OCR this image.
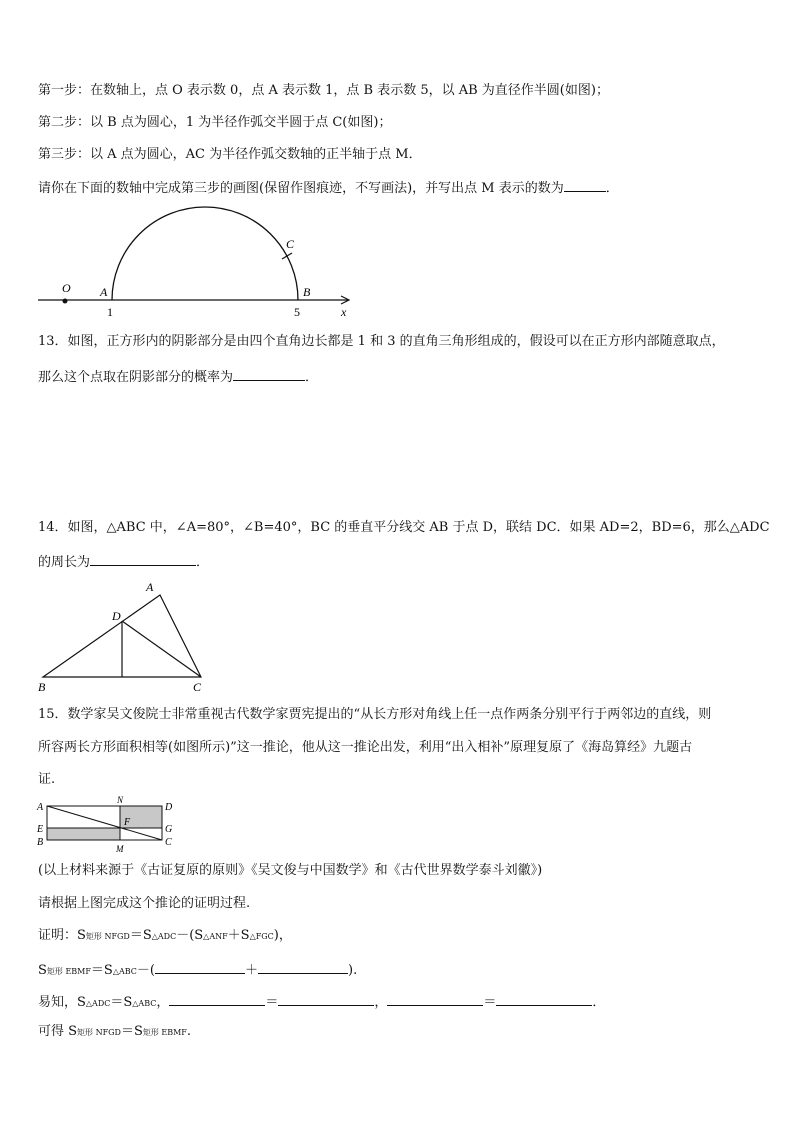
第一步：在数轴上，点 O 表示数 0，点 A 表示数 1，点 B 表示数 5，以 AB 为直径作半圆(如图)；
第二步：以 B 点为圆心，1 为半径作弧交半圆于点 C(如图)；
第三步：以 A 点为圆心，AC 为半径作弧交数轴的正半轴于点 M．
请你在下面的数轴中完成第三步的画图(保留作图痕迹，不写画法)，并写出点 M 表示的数为	．
O A	B
C
x
1	5
13．如图，正方形内的阴影部分是由四个直角边长都是 1 和 3 的直角三角形组成的，假设可以在正方形内部随意取点，
那么这个点取在阴影部分的概率为	．
14．如图，△ABC 中，∠A=80°，∠B=40°，BC 的垂直平分线交 AB 于点 D，联结 DC．如果 AD=2，BD=6，那么△ADC
的周长为	．
A
D
B	C
15．数学家吴文俊院士非常重视古代数学家贾宪提出的“从长方形对角线上任一点作两条分别平行于两邻边的直线，则
所容两长方形面积相等(如图所示)”这一推论，他从这一推论出发，利用“出入相补”原理复原了《海岛算经》九题古
证.
A
N
D
E
F
G
B
M
C
(以上材料来源于《古证复原的原则》《吴文俊与中国数学》和《古代世界数学泰斗刘徽》)
请根据上图完成这个推论的证明过程.
证明：S矩形 NFGD＝S△ADC－(S△ANF＋S△FGC)，
S矩形 EBMF＝S△ABC－(	＋	).
易知，S△ADC＝S△ABC，	＝	，	＝	．
可得 S矩形 NFGD＝S矩形 EBMF.
